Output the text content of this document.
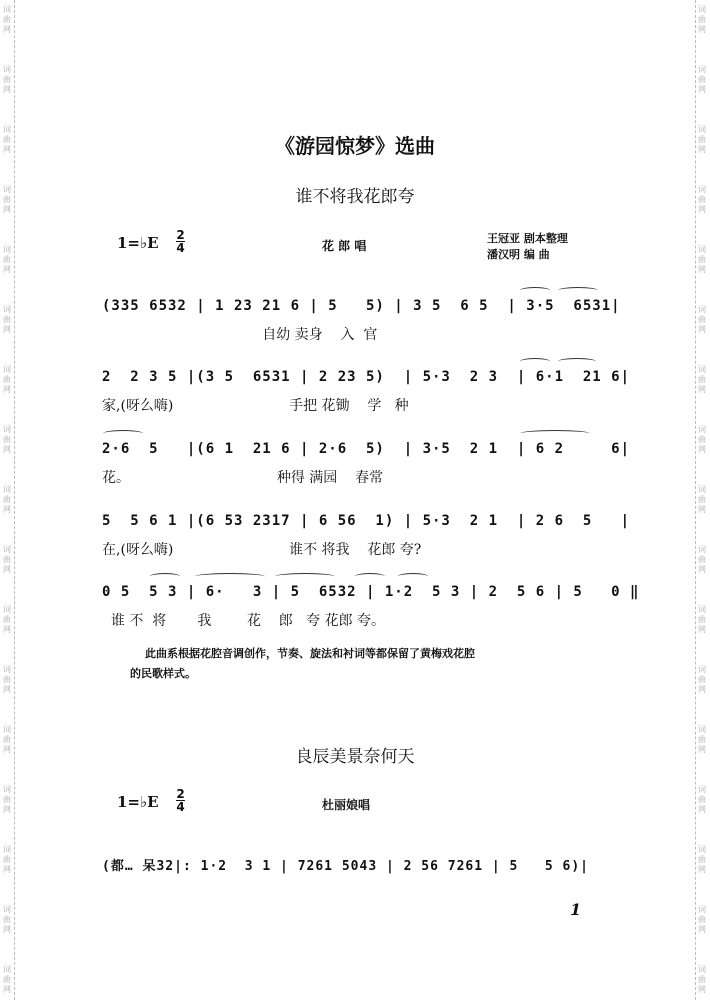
词
曲
网
词
曲
网
词
曲
网
词
曲
网
词
曲
网
词
曲
网
词
曲
网
词
曲
网
词
曲
网
词
曲
网
词
曲
网
词
曲
网
词
曲
网
词
曲
网
词
曲
网
词
曲
网
词
曲
网
词
曲
网
词
曲
网
词
曲
网
词
曲
网
词
曲
网
词
曲
网
词
曲
网
词
曲
网
词
曲
网
词
曲
网
词
曲
网
词
曲
网
词
曲
网
词
曲
网
词
曲
网
词
曲
网
词
曲
网
《游园惊梦》选曲
谁不将我花郎夸
1=♭E 2
4	花 郎 唱
王冠亚 剧本整理
潘汉明 编 曲
(335 6532 | 1 23 21 6 | 5   5) | 3 5  6 5  | 3·5  6531|
自幼 卖身    入  官
2  2 3 5 |(3 5  6531 | 2 23 5)  | 5·3  2 3  | 6·1  21 6|
家,(呀么嗨)                          手把 花锄    学   种
2·6  5   |(6 1  21 6 | 2·6  5)  | 3·5  2 1  | 6 2     6|
花。                                 种得 满园    春常
5  5 6 1 |(6 53 2317 | 6 56  1) | 5·3  2 1  | 2 6  5   |
在,(呀么嗨)                          谁不 将我    花郎 夸?
0 5  5 3 | 6·   3 | 5  6532 | 1·2  5 3 | 2  5 6 | 5   0 ‖
谁 不  将       我        花    郎   夸 花郎 夸。
此曲系根据花腔音调创作，节奏、旋法和衬词等都保留了黄梅戏花腔
的民歌样式。
良辰美景奈何天
1=♭E 2
4	杜丽娘唱
(都… 呆32|: 1·2  3 1 | 7261 5043 | 2 56 7261 | 5   5 6)|
1
